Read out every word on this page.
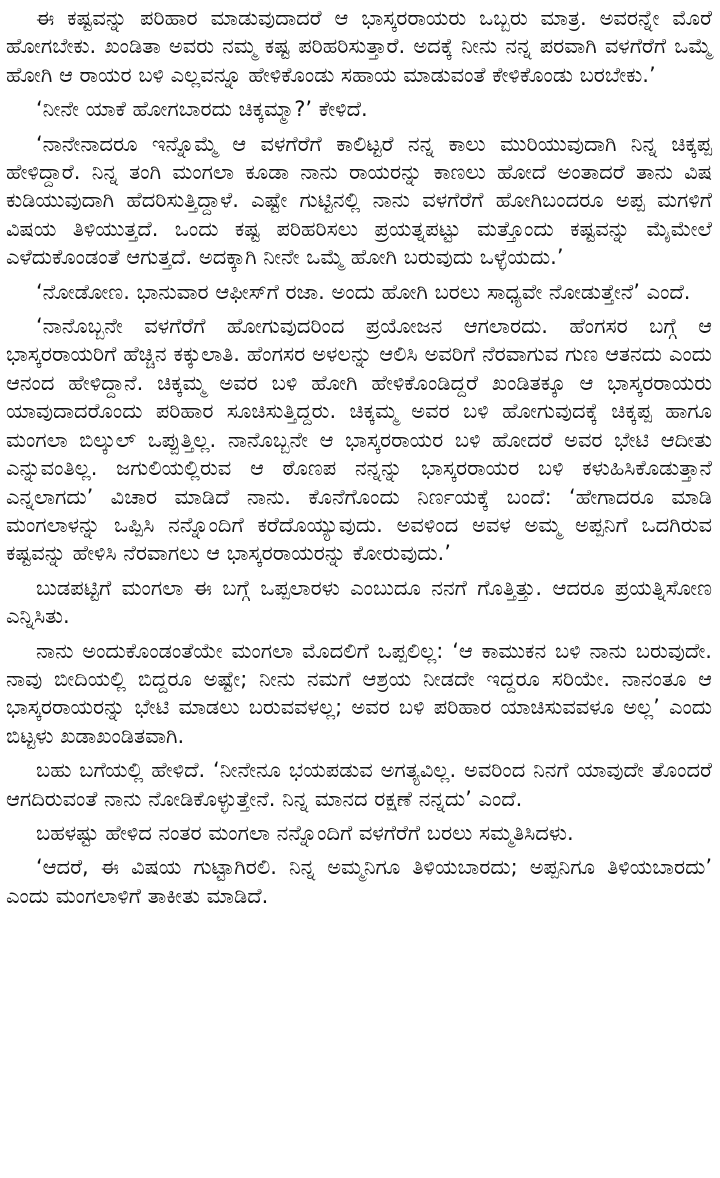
ಈ ಕಷ್ಟವನ್ನು ಪರಿಹಾರ ಮಾಡುವುದಾದರೆ ಆ ಭಾಸ್ಕರರಾಯರು ಒಬ್ಬರು ಮಾತ್ರ. ಅವರನ್ನೇ ಮೊರೆ ಹೋಗಬೇಕು. ಖಂಡಿತಾ ಅವರು ನಮ್ಮ ಕಷ್ಟ ಪರಿಹರಿಸುತ್ತಾರೆ. ಅದಕ್ಕೆ ನೀನು ನನ್ನ ಪರವಾಗಿ ವಳಗೆರೆಗೆ ಒಮ್ಮೆ ಹೋಗಿ ಆ ರಾಯರ ಬಳಿ ಎಲ್ಲವನ್ನೂ ಹೇಳಿಕೊಂಡು ಸಹಾಯ ಮಾಡುವಂತೆ ಕೇಳಿಕೊಂಡು ಬರಬೇಕು.’

‘ನೀನೇ ಯಾಕೆ ಹೋಗಬಾರದು ಚಿಕ್ಕಮ್ಮಾ?’ ಕೇಳಿದೆ.

‘ನಾನೇನಾದರೂ ಇನ್ನೊಮ್ಮೆ ಆ ವಳಗೆರೆಗೆ ಕಾಲಿಟ್ಟರೆ ನನ್ನ ಕಾಲು ಮುರಿಯುವುದಾಗಿ ನಿನ್ನ ಚಿಕ್ಕಪ್ಪ ಹೇಳಿದ್ದಾರೆ. ನಿನ್ನ ತಂಗಿ ಮಂಗಲಾ ಕೂಡಾ ನಾನು ರಾಯರನ್ನು ಕಾಣಲು ಹೋದೆ ಅಂತಾದರೆ ತಾನು ವಿಷ ಕುಡಿಯುವುದಾಗಿ ಹೆದರಿಸುತ್ತಿದ್ದಾಳೆ. ಎಷ್ಟೇ ಗುಟ್ಟಿನಲ್ಲಿ ನಾನು ವಳಗೆರೆಗೆ ಹೋಗಿಬಂದರೂ ಅಪ್ಪ ಮಗಳಿಗೆ ವಿಷಯ ತಿಳಿಯುತ್ತದೆ. ಒಂದು ಕಷ್ಟ ಪರಿಹರಿಸಲು ಪ್ರಯತ್ನಪಟ್ಟು ಮತ್ತೊಂದು ಕಷ್ಟವನ್ನು ಮೈಮೇಲೆ ಎಳೆದುಕೊಂಡಂತೆ ಆಗುತ್ತದೆ. ಅದಕ್ಕಾಗಿ ನೀನೇ ಒಮ್ಮೆ ಹೋಗಿ ಬರುವುದು ಒಳ್ಳೆಯದು.’

‘ನೋಡೋಣ. ಭಾನುವಾರ ಆಫೀಸ್‌ಗೆ ರಜಾ. ಅಂದು ಹೋಗಿ ಬರಲು ಸಾಧ್ಯವೇ ನೋಡುತ್ತೇನೆ’ ಎಂದೆ.

‘ನಾನೊಬ್ಬನೇ ವಳಗೆರೆಗೆ ಹೋಗುವುದರಿಂದ ಪ್ರಯೋಜನ ಆಗಲಾರದು. ಹೆಂಗಸರ ಬಗ್ಗೆ ಆ ಭಾಸ್ಕರರಾಯರಿಗೆ ಹೆಚ್ಚಿನ ಕಕ್ಕುಲಾತಿ. ಹೆಂಗಸರ ಅಳಲನ್ನು ಆಲಿಸಿ ಅವರಿಗೆ ನೆರವಾಗುವ ಗುಣ ಆತನದು ಎಂದು ಆನಂದ ಹೇಳಿದ್ದಾನೆ. ಚಿಕ್ಕಮ್ಮ ಅವರ ಬಳಿ ಹೋಗಿ ಹೇಳಿಕೊಂಡಿದ್ದರೆ ಖಂಡಿತಕ್ಕೂ ಆ ಭಾಸ್ಕರರಾಯರು ಯಾವುದಾದರೊಂದು ಪರಿಹಾರ ಸೂಚಿಸುತ್ತಿದ್ದರು. ಚಿಕ್ಕಮ್ಮ ಅವರ ಬಳಿ ಹೋಗುವುದಕ್ಕೆ ಚಿಕ್ಕಪ್ಪ ಹಾಗೂ ಮಂಗಲಾ ಬಿಲ್ಕುಲ್ ಒಪ್ಪುತ್ತಿಲ್ಲ. ನಾನೊಬ್ಬನೇ ಆ ಭಾಸ್ಕರರಾಯರ ಬಳಿ ಹೋದರೆ ಅವರ ಭೇಟಿ ಆದೀತು ಎನ್ನುವಂತಿಲ್ಲ. ಜಗುಲಿಯಲ್ಲಿರುವ ಆ ಠೊಣಪ ನನ್ನನ್ನು ಭಾಸ್ಕರರಾಯರ ಬಳಿ ಕಳುಹಿಸಿಕೊಡುತ್ತಾನೆ ಎನ್ನಲಾಗದು’ ವಿಚಾರ ಮಾಡಿದೆ ನಾನು. ಕೊನೆಗೊಂದು ನಿರ್ಣಯಕ್ಕೆ ಬಂದೆ: ‘ಹೇಗಾದರೂ ಮಾಡಿ ಮಂಗಲಾಳನ್ನು ಒಪ್ಪಿಸಿ ನನ್ನೊಂದಿಗೆ ಕರೆದೊಯ್ಯುವುದು. ಅವಳಿಂದ ಅವಳ ಅಮ್ಮ ಅಪ್ಪನಿಗೆ ಒದಗಿರುವ ಕಷ್ಟವನ್ನು ಹೇಳಿಸಿ ನೆರವಾಗಲು ಆ ಭಾಸ್ಕರರಾಯರನ್ನು ಕೋರುವುದು.’

ಬುಡಪಟ್ಟಿಗೆ ಮಂಗಲಾ ಈ ಬಗ್ಗೆ ಒಪ್ಪಲಾರಳು ಎಂಬುದೂ ನನಗೆ ಗೊತ್ತಿತ್ತು. ಆದರೂ ಪ್ರಯತ್ನಿಸೋಣ ಎನ್ನಿಸಿತು.

ನಾನು ಅಂದುಕೊಂಡಂತೆಯೇ ಮಂಗಲಾ ಮೊದಲಿಗೆ ಒಪ್ಪಲಿಲ್ಲ: ‘ಆ ಕಾಮುಕನ ಬಳಿ ನಾನು ಬರುವುದೇ. ನಾವು ಬೀದಿಯಲ್ಲಿ ಬಿದ್ದರೂ ಅಷ್ಟೇ; ನೀನು ನಮಗೆ ಆಶ್ರಯ ನೀಡದೇ ಇದ್ದರೂ ಸರಿಯೇ. ನಾನಂತೂ ಆ ಭಾಸ್ಕರರಾಯರನ್ನು ಭೇಟಿ ಮಾಡಲು ಬರುವವಳಲ್ಲ; ಅವರ ಬಳಿ ಪರಿಹಾರ ಯಾಚಿಸುವವಳೂ ಅಲ್ಲ’ ಎಂದು ಬಿಟ್ಟಳು ಖಡಾಖಂಡಿತವಾಗಿ.

ಬಹು ಬಗೆಯಲ್ಲಿ ಹೇಳಿದೆ. ‘ನೀನೇನೂ ಭಯಪಡುವ ಅಗತ್ಯವಿಲ್ಲ. ಅವರಿಂದ ನಿನಗೆ ಯಾವುದೇ ತೊಂದರೆ ಆಗದಿರುವಂತೆ ನಾನು ನೋಡಿಕೊಳ್ಳುತ್ತೇನೆ. ನಿನ್ನ ಮಾನದ ರಕ್ಷಣೆ ನನ್ನದು’ ಎಂದೆ.

ಬಹಳಷ್ಟು ಹೇಳಿದ ನಂತರ ಮಂಗಲಾ ನನ್ನೊಂದಿಗೆ ವಳಗೆರೆಗೆ ಬರಲು ಸಮ್ಮತಿಸಿದಳು.

‘ಆದರೆ, ಈ ವಿಷಯ ಗುಟ್ಟಾಗಿರಲಿ. ನಿನ್ನ ಅಮ್ಮನಿಗೂ ತಿಳಿಯಬಾರದು; ಅಪ್ಪನಿಗೂ ತಿಳಿಯಬಾರದು’ ಎಂದು ಮಂಗಲಾಳಿಗೆ ತಾಕೀತು ಮಾಡಿದೆ.
